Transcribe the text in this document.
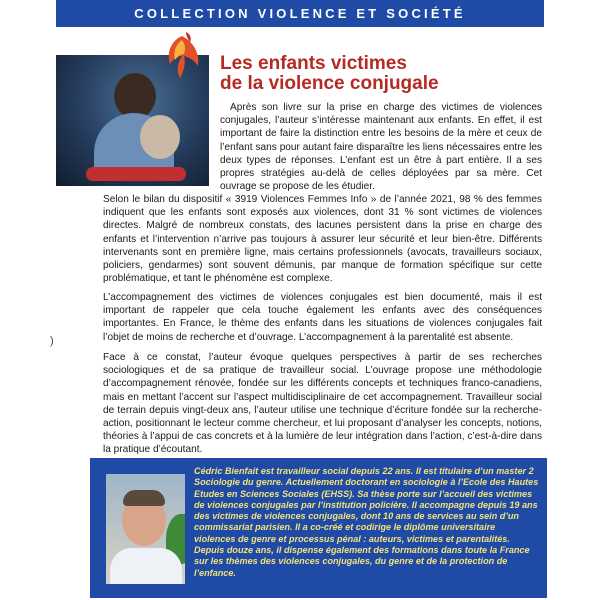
COLLECTION VIOLENCE ET SOCIÉTÉ
Les enfants victimes
de la violence conjugale

Après son livre sur la prise en charge des victimes de violences conjugales, l’auteur s’intéresse maintenant aux enfants. En effet, il est important de faire la distinction entre les besoins de la mère et ceux de l’enfant sans pour autant faire disparaître les liens nécessaires entre les deux types de réponses. L’enfant est un être à part entière. Il a ses propres stratégies au-delà de celles déployées par sa mère. Cet ouvrage se propose de les étudier.

Selon le bilan du dispositif « 3919 Violences Femmes Info » de l’année 2021, 98 % des femmes indiquent que les enfants sont exposés aux violences, dont 31 % sont victimes de violences directes. Malgré de nombreux constats, des lacunes persistent dans la prise en charge des enfants et l’intervention n’arrive pas toujours à assurer leur sécurité et leur bien-être. Différents intervenants sont en première ligne, mais certains professionnels (avocats, travailleurs sociaux, policiers, gendarmes) sont souvent démunis, par manque de formation spécifique sur cette problématique, et tant le phénomène est complexe.

L’accompagnement des victimes de violences conjugales est bien documenté, mais il est important de rappeler que cela touche également les enfants avec des conséquences importantes. En France, le thème des enfants dans les situations de violences conjugales fait l’objet de moins de recherche et d’ouvrage. L’accompagnement à la parentalité est absente.

Face à ce constat, l’auteur évoque quelques perspectives à partir de ses recherches sociologiques et de sa pratique de travailleur social. L’ouvrage propose une méthodologie d’accompagnement rénovée, fondée sur les différents concepts et techniques franco-canadiens, mais en mettant l’accent sur l’aspect multidisciplinaire de cet accompagnement. Travailleur social de terrain depuis vingt-deux ans, l’auteur utilise une technique d’écriture fondée sur la recherche-action, positionnant le lecteur comme chercheur, et lui proposant d’analyser les concepts, notions, théories à l’appui de cas concrets et à la lumière de leur intégration dans l’action, c’est-à-dire dans la pratique d’écoutant.

)

Cédric Bienfait est travailleur social depuis 22 ans. Il est titulaire d’un master 2 Sociologie du genre. Actuellement doctorant en sociologie à l’Ecole des Hautes Etudes en Sciences Sociales (EHSS). Sa thèse porte sur l’accueil des victimes de violences conjugales par l’institution policière. Il accompagne depuis 19 ans des victimes de violences conjugales, dont 10 ans de services au sein d’un commissariat parisien. Il a co-créé et codirige le diplôme universitaire violences de genre et processus pénal : auteurs, victimes et parentalités. Depuis douze ans, il dispense également des formations dans toute la France sur les thèmes des violences conjugales, du genre et de la protection de l’enfance.
